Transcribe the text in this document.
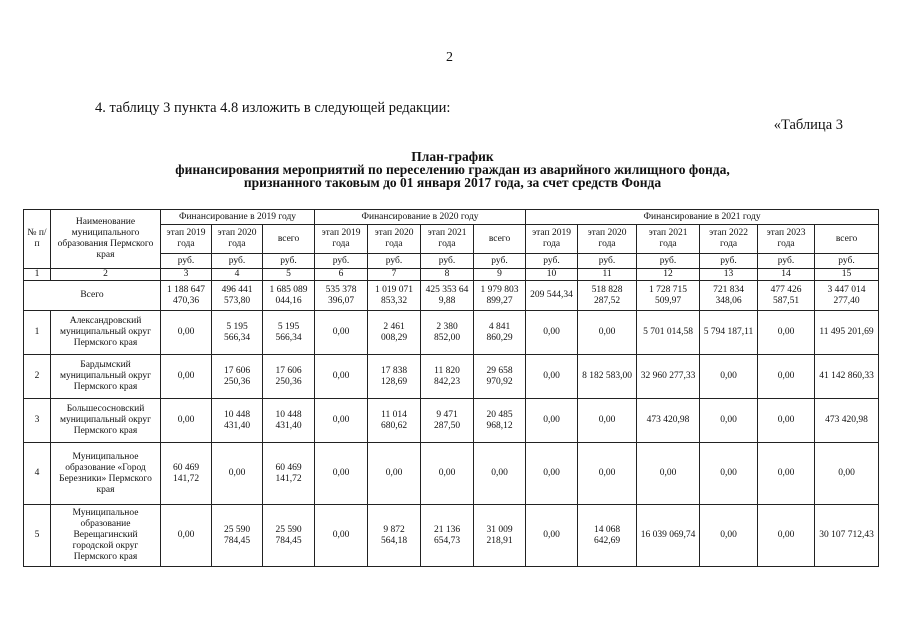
2
4. таблицу 3 пункта 4.8 изложить в следующей редакции:
«Таблица 3
План-график
финансирования мероприятий по переселению граждан из аварийного жилищного фонда,
признанного таковым до 01 января 2017 года, за счет средств Фонда
№ п/п	Наименование муниципального образования Пермского края	Финансирование в 2019 году			Финансирование в 2020 году				Финансирование в 2021 году					
		этап 2019 года	этап 2020 года	всего	этап 2019 года	этап 2020 года	этап 2021 года	всего	этап 2019 года	этап 2020 года	этап 2021 года	этап 2022 года	этап 2023 года	всего
		руб.	руб.	руб.	руб.	руб.	руб.	руб.	руб.	руб.	руб.	руб.	руб.	руб.
1	2	3	4	5	6	7	8	9	10	11	12	13	14	15
Всего		1 188 647 470,36	496 441 573,80	1 685 089 044,16	535 378 396,07	1 019 071 853,32	425 353 64 9,88	1 979 803 899,27	209 544,34	518 828 287,52	1 728 715 509,97	721 834 348,06	477 426 587,51	3 447 014 277,40
1	Александровский муниципальный округ Пермского края	0,00	5 195 566,34	5 195 566,34	0,00	2 461 008,29	2 380 852,00	4 841 860,29	0,00	0,00	5 701 014,58	5 794 187,11	0,00	11 495 201,69
2	Бардымский муниципальный округ Пермского края	0,00	17 606 250,36	17 606 250,36	0,00	17 838 128,69	11 820 842,23	29 658 970,92	0,00	8 182 583,00	32 960 277,33	0,00	0,00	41 142 860,33
3	Большесосновский муниципальный округ Пермского края	0,00	10 448 431,40	10 448 431,40	0,00	11 014 680,62	9 471 287,50	20 485 968,12	0,00	0,00	473 420,98	0,00	0,00	473 420,98
4	Муниципальное образование «Город Березники» Пермского края	60 469 141,72	0,00	60 469 141,72	0,00	0,00	0,00	0,00	0,00	0,00	0,00	0,00	0,00	0,00
5	Муниципальное образование Верещагинский городской округ Пермского края	0,00	25 590 784,45	25 590 784,45	0,00	9 872 564,18	21 136 654,73	31 009 218,91	0,00	14 068 642,69	16 039 069,74	0,00	0,00	30 107 712,43
